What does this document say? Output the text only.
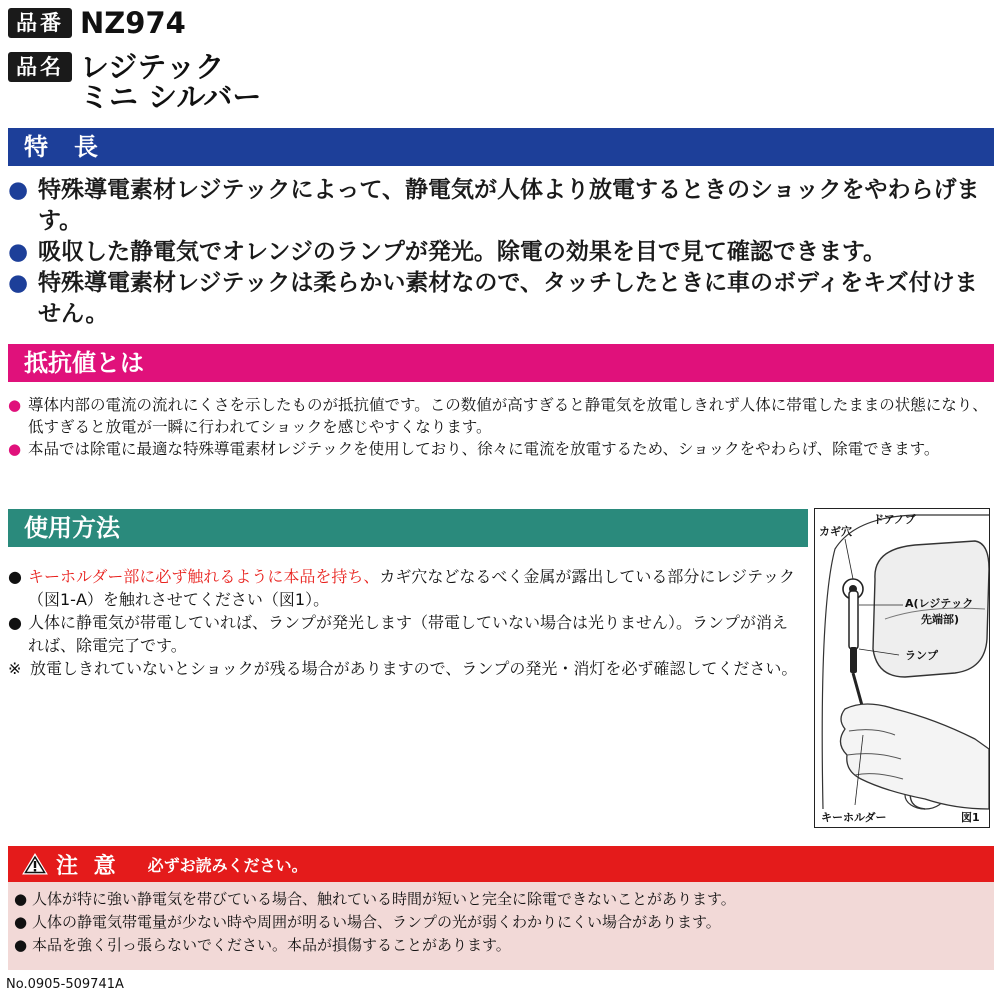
品番 NZ974
品名 レジテック
ミニ シルバー
特長
● 特殊導電素材レジテックによって、静電気が人体より放電するときのショックをやわらげます。
● 吸収した静電気でオレンジのランプが発光。除電の効果を目で見て確認できます。
● 特殊導電素材レジテックは柔らかい素材なので、タッチしたときに車のボディをキズ付けません。
抵抗値とは
● 導体内部の電流の流れにくさを示したものが抵抗値です。この数値が高すぎると静電気を放電しきれず人体に帯電したままの状態になり、低すぎると放電が一瞬に行われてショックを感じやすくなります。
● 本品では除電に最適な特殊導電素材レジテックを使用しており、徐々に電流を放電するため、ショックをやわらげ、除電できます。
使用方法
● キーホルダー部に必ず触れるように本品を持ち、カギ穴などなるべく金属が露出している部分にレジテック（図1-A）を触れさせてください（図1）。
● 人体に静電気が帯電していれば、ランプが発光します（帯電していない場合は光りません）。ランプが消えれば、除電完了です。
※ 放電しきれていないとショックが残る場合がありますので、ランプの発光・消灯を必ず確認してください。
カギ穴
ドアノブ
A(レジテック
先端部)
ランプ
キーホルダー	図1
注 意 必ずお読みください。
● 人体が特に強い静電気を帯びている場合、触れている時間が短いと完全に除電できないことがあります。
● 人体の静電気帯電量が少ない時や周囲が明るい場合、ランプの光が弱くわかりにくい場合があります。
● 本品を強く引っ張らないでください。本品が損傷することがあります。
No.0905-509741A
